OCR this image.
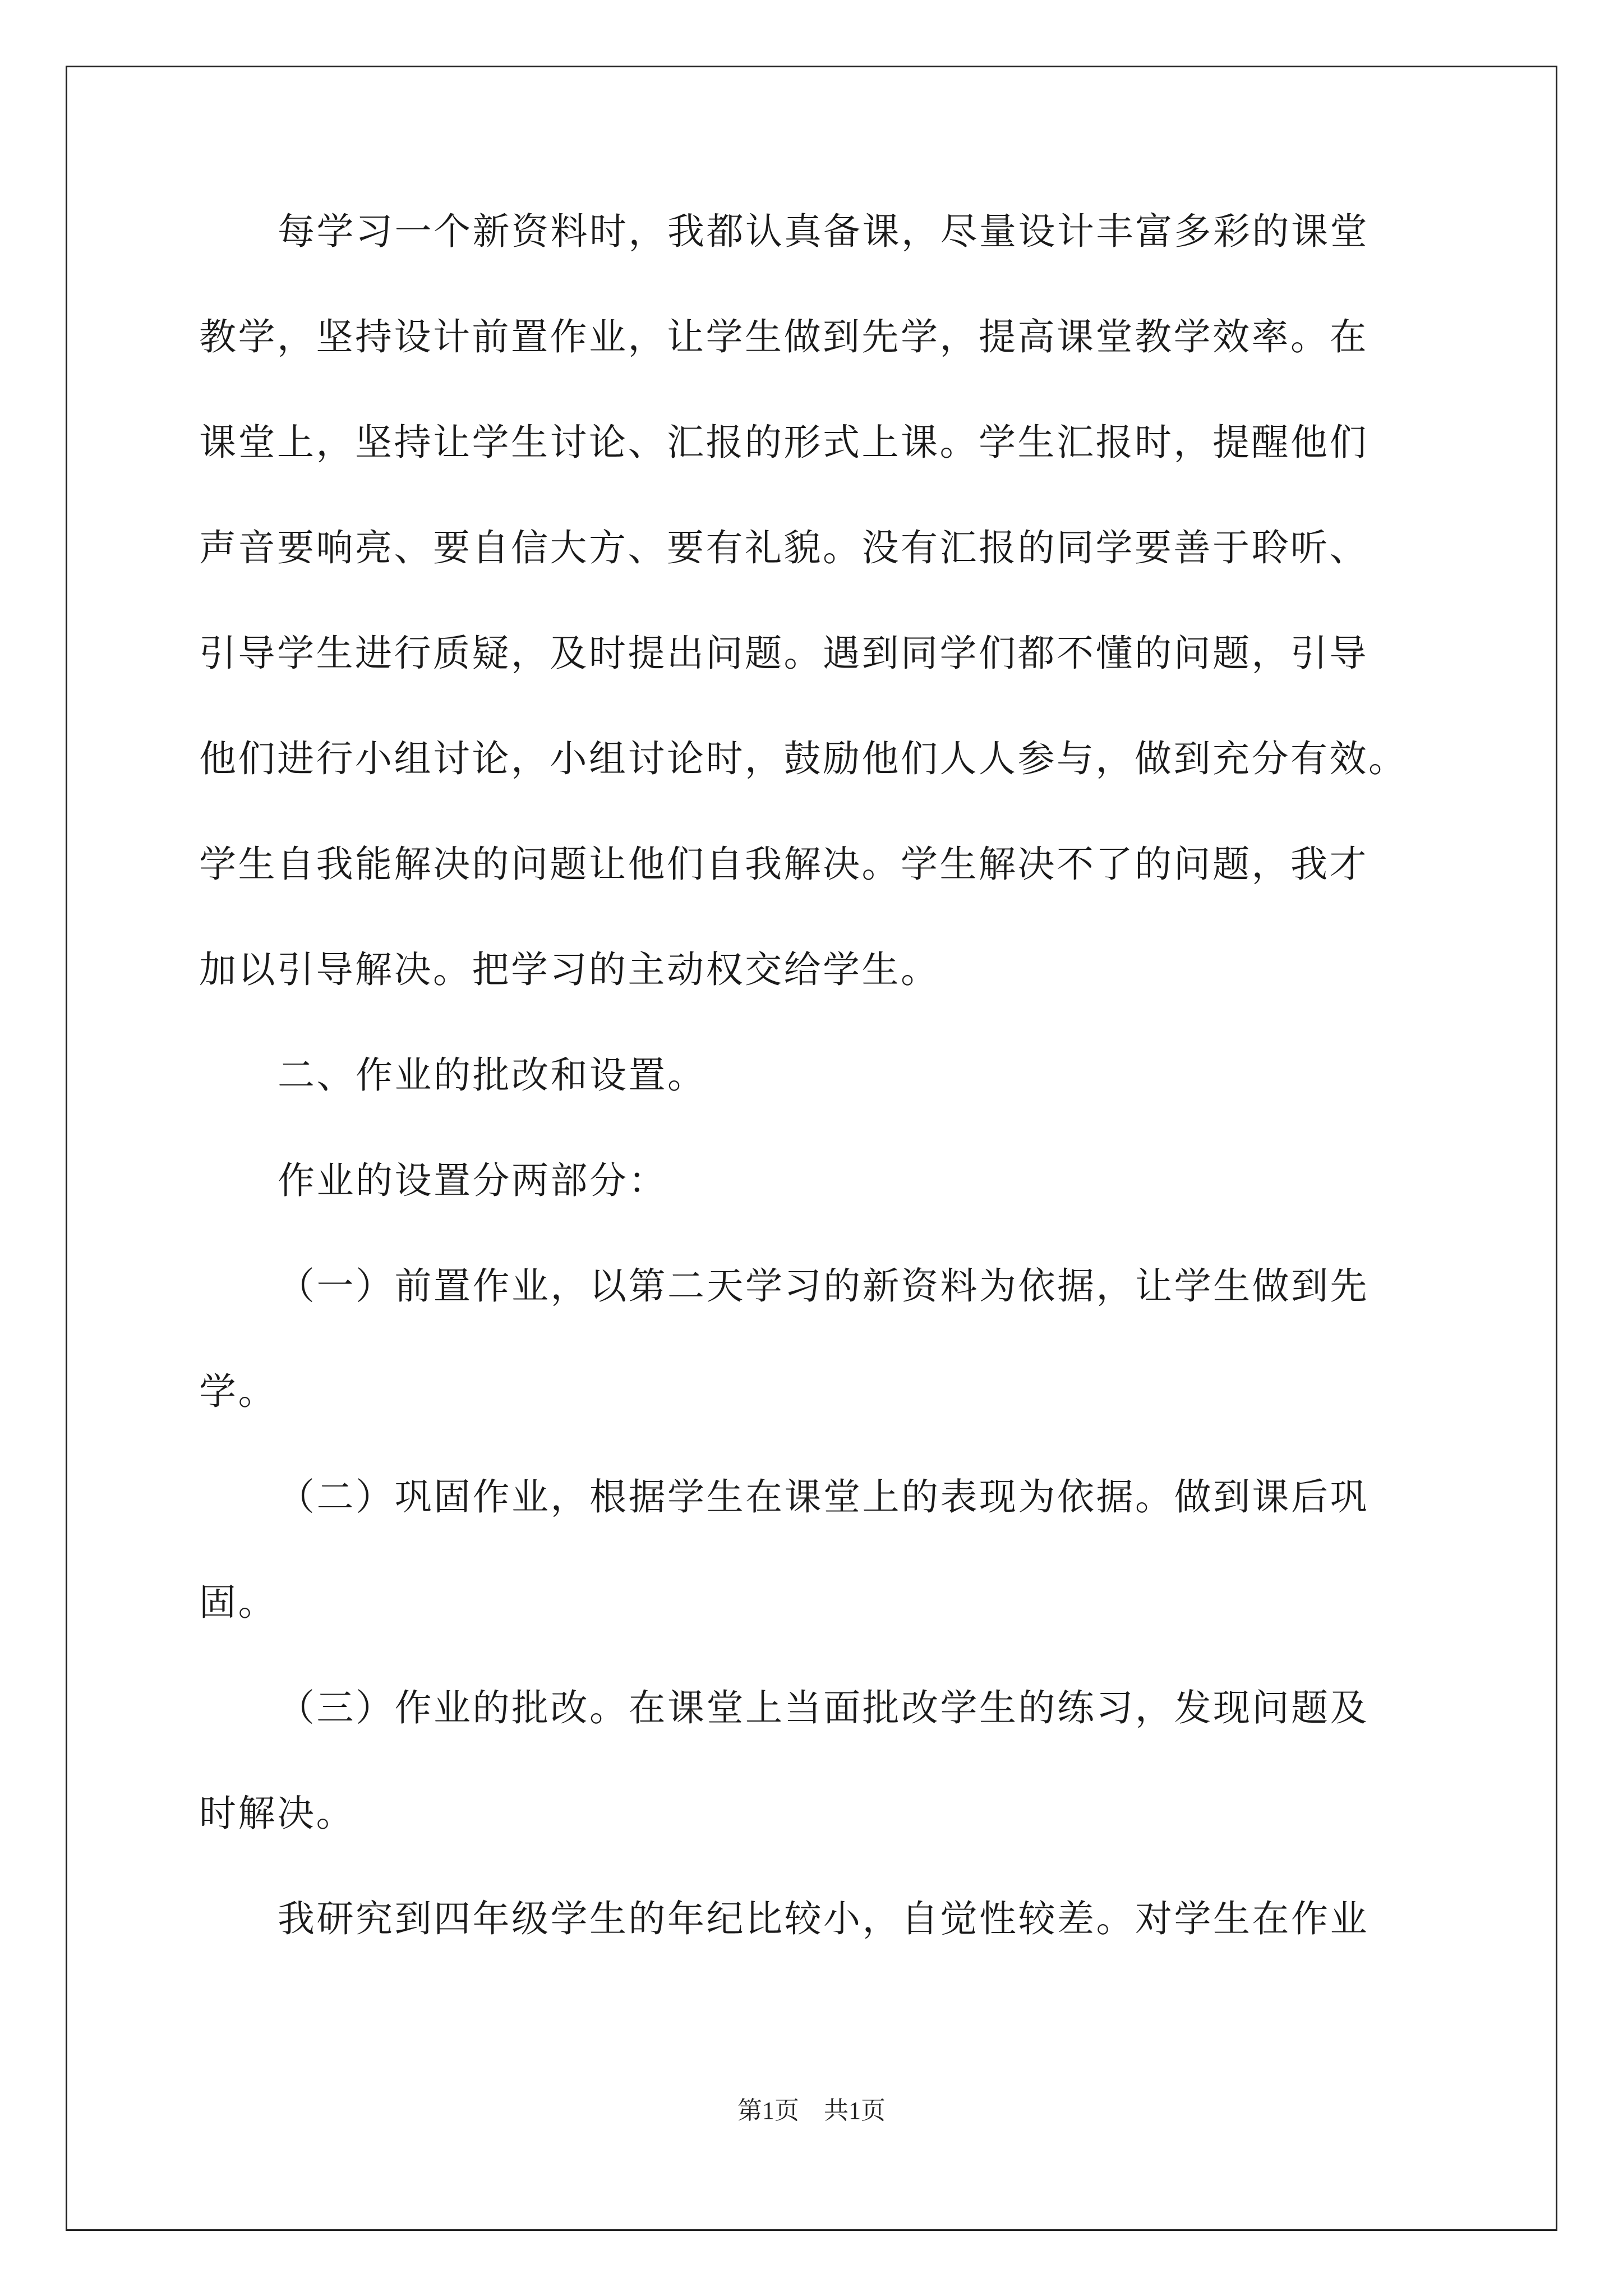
每学习一个新资料时，我都认真备课，尽量设计丰富多彩的课堂
教学，坚持设计前置作业，让学生做到先学，提高课堂教学效率。在
课堂上，坚持让学生讨论、汇报的形式上课。学生汇报时，提醒他们
声音要响亮、要自信大方、要有礼貌。没有汇报的同学要善于聆听、
引导学生进行质疑，及时提出问题。遇到同学们都不懂的问题，引导
他们进行小组讨论，小组讨论时，鼓励他们人人参与，做到充分有效。
学生自我能解决的问题让他们自我解决。学生解决不了的问题，我才
加以引导解决。把学习的主动权交给学生。
二、作业的批改和设置。
作业的设置分两部分：
（一）前置作业，以第二天学习的新资料为依据，让学生做到先
学。
（二）巩固作业，根据学生在课堂上的表现为依据。做到课后巩
固。
（三）作业的批改。在课堂上当面批改学生的练习，发现问题及
时解决。
我研究到四年级学生的年纪比较小，自觉性较差。对学生在作业
第1页 共1页
